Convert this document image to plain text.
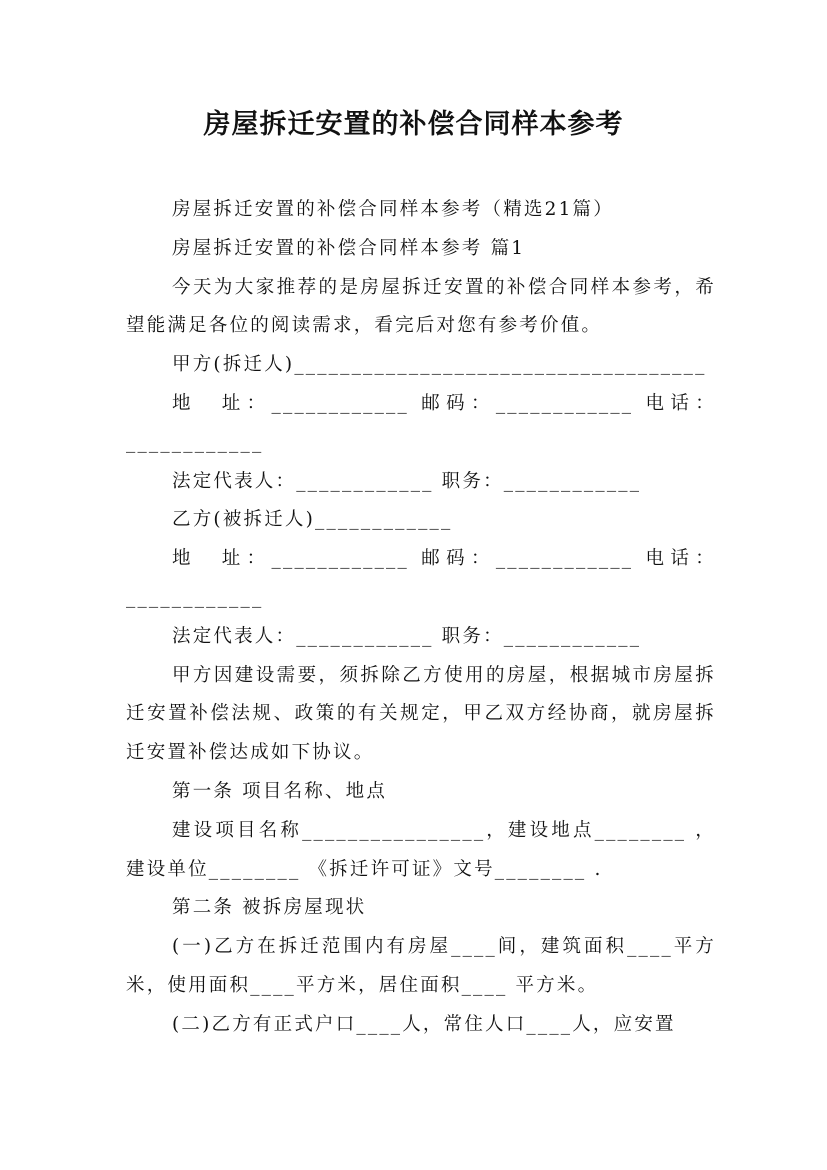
房屋拆迁安置的补偿合同样本参考

房屋拆迁安置的补偿合同样本参考（精选21篇）

房屋拆迁安置的补偿合同样本参考 篇1

今天为大家推荐的是房屋拆迁安置的补偿合同样本参考，希望能满足各位的阅读需求，看完后对您有参考价值。

甲方(拆迁人)____________________________________

地　址：____________ 邮码：____________ 电话：____________

法定代表人：____________ 职务：____________

乙方(被拆迁人)____________

地　址：____________ 邮码：____________ 电话：____________

法定代表人：____________ 职务：____________

甲方因建设需要，须拆除乙方使用的房屋，根据城市房屋拆迁安置补偿法规、政策的有关规定，甲乙双方经协商，就房屋拆迁安置补偿达成如下协议。

第一条 项目名称、地点

建设项目名称________________，建设地点________ ，建设单位________ 《拆迁许可证》文号________ .

第二条 被拆房屋现状

(一)乙方在拆迁范围内有房屋____间，建筑面积____平方米，使用面积____平方米，居住面积____ 平方米。

(二)乙方有正式户口____人，常住人口____人，应安置
